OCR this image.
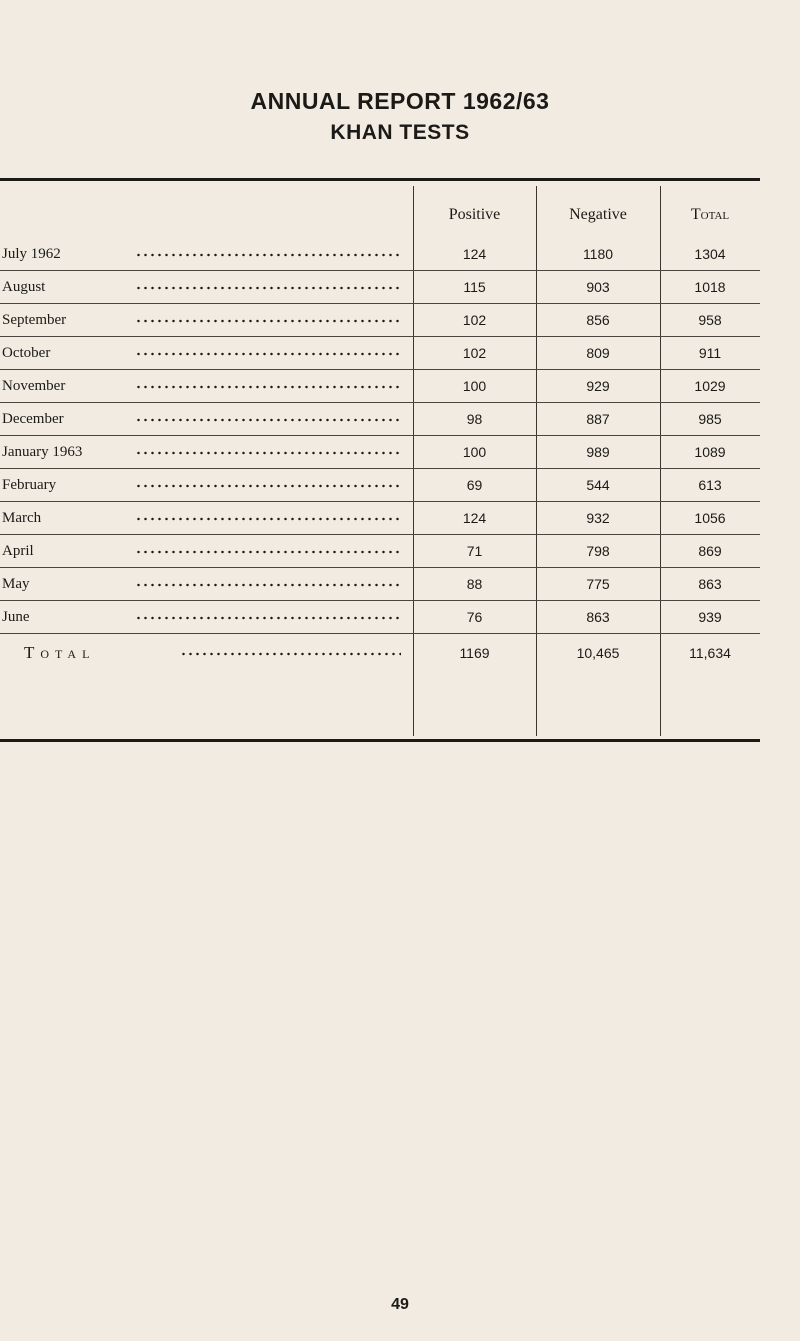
ANNUAL REPORT 1962/63
KHAN TESTS
	Positive	Negative	Total
July 1962	124	1180	1304
August	115	903	1018
September	102	856	958
October	102	809	911
November	100	929	1029
December	98	887	985
January 1963	100	989	1089
February	69	544	613
March	124	932	1056
April	71	798	869
May	88	775	863
June	76	863	939
Total	1169	10,465	11,634
49
